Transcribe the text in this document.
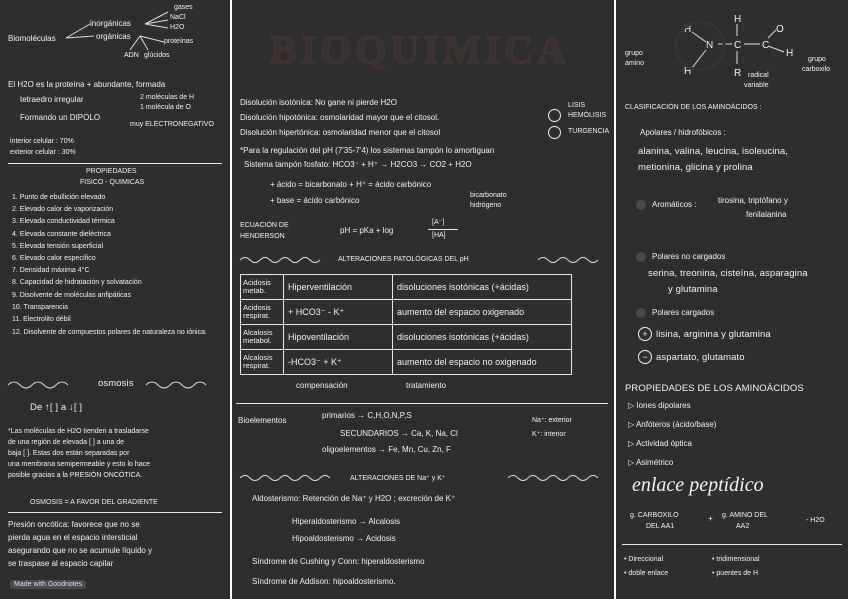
BIOQUIMICA
Biomoléculas
inorgánicas
orgánicas
gases
NaCl
H2O
proteínas
ADN glúcidos
El H2O es la proteína + abundante, formada
tetraedro irregular
Formando un DIPOLO
2 moléculas de H
1 molécula de O
muy ELECTRONEGATIVO
interior celular : 70%
exterior celular : 30%
PROPIEDADES
FISICO - QUIMICAS
1. Punto de ebullición elevado
2. Elevado calor de vaporización
3. Elevada conductividad térmica
4. Elevada constante dieléctrica
5. Elevada tensión superficial
6. Elevado calor específico
7. Densidad máxima 4°C
8. Capacidad de hidratación y solvatación
9. Disolvente de moléculas anfipáticas
10. Transparencia
11. Electrolito débil
12. Disolvente de compuestos polares de naturaleza no iónica.
osmosis
De ↑[ ] a ↓[ ]
*Las moléculas de H2O tienden a trasladarse
de una región de elevada [ ] a una de
baja [ ]. Estas dos están separadas por
una membrana semipermeable y esto lo hace
posible gracias a la PRESIÓN ONCÓTICA.
OSMOSIS = A FAVOR DEL GRADIENTE
Presión oncótica: favorece que no se
pierda agua en el espacio intersticial
asegurando que no se acumule líquido y
se traspase al espacio capilar
Made with Goodnotes
Disolución isotónica: No gane ni pierde H2O
Disolución hipotónica: osmolaridad mayor que el citosol.
Disolución hipertónica: osmolaridad menor que el citosol
LISIS
HEMÓLISIS
TURGENCIA
*Para la regulación del pH (7'35-7'4) los sistemas tampón lo amortiguan
Sistema tampón fosfato: HCO3⁻ + H⁺ → H2CO3 → CO2 + H2O
+ ácido = bicarbonato + H⁺ = ácido carbónico
+ base = ácido carbónico
bicarbonato
hidrógeno
ECUACIÓN DE
HENDERSON
pH = pKa + log
[A⁻]
[HA]
ALTERACIONES PATOLÓGICAS DEL pH
Acidosis metab.	Hiperventilación	disoluciones isotónicas (+ácidas)
Acidosis respirat.	+ HCO3⁻ - K⁺	aumento del espacio oxigenado
Alcalosis metabol.	Hipoventilación	disoluciones isotónicas (+ácidas)
Alcalosis respirat.	-HCO3⁻ + K⁺	aumento del espacio no oxigenado
compensación	tratamiento
Bioelementos
primarios → C,H,O,N,P,S
SECUNDARIOS → Ca, K, Na, Cl
oligoelementos → Fe, Mn, Cu, Zn, F
Na⁺: exterior
K⁺: interior
ALTERACIONES DE Na⁺ y K⁺
Aldosterismo: Retención de Na⁺ y H2O ; excreción de K⁺
Hiperaldosterismo → Alcalosis
Hipoaldosterismo → Acidosis
Síndrome de Cushing y Conn: hiperaldosterismo
Síndrome de Addison: hipoaldosterismo.
H
N
H
H
C
R
C
O
H
grupo
amino
grupo
carboxilo
radical
variable
CLASIFICACIÓN DE LOS AMINOÁCIDOS :
Apolares / hidrofóbicos :
alanina, valina, leucina, isoleucina,
metionina, glicina y prolina
Aromáticos :	tirosina, triptófano y
fenilalanina
Polares no cargados
serina, treonina, cisteína, asparagina
y glutamina
Polares cargados
+ lisina, arginina y glutamina
− aspartato, glutamato
PROPIEDADES DE LOS AMINOÁCIDOS
▷ Iones dipolares
▷ Anfóteros (ácido/base)
▷ Actividad óptica
▷ Asimétrico
enlace peptídico
g. CARBOXILO
DEL AA1
+ g. AMINO DEL
AA2
- H2O
• Direccional
• doble enlace
• tridimensional
• puentes de H
